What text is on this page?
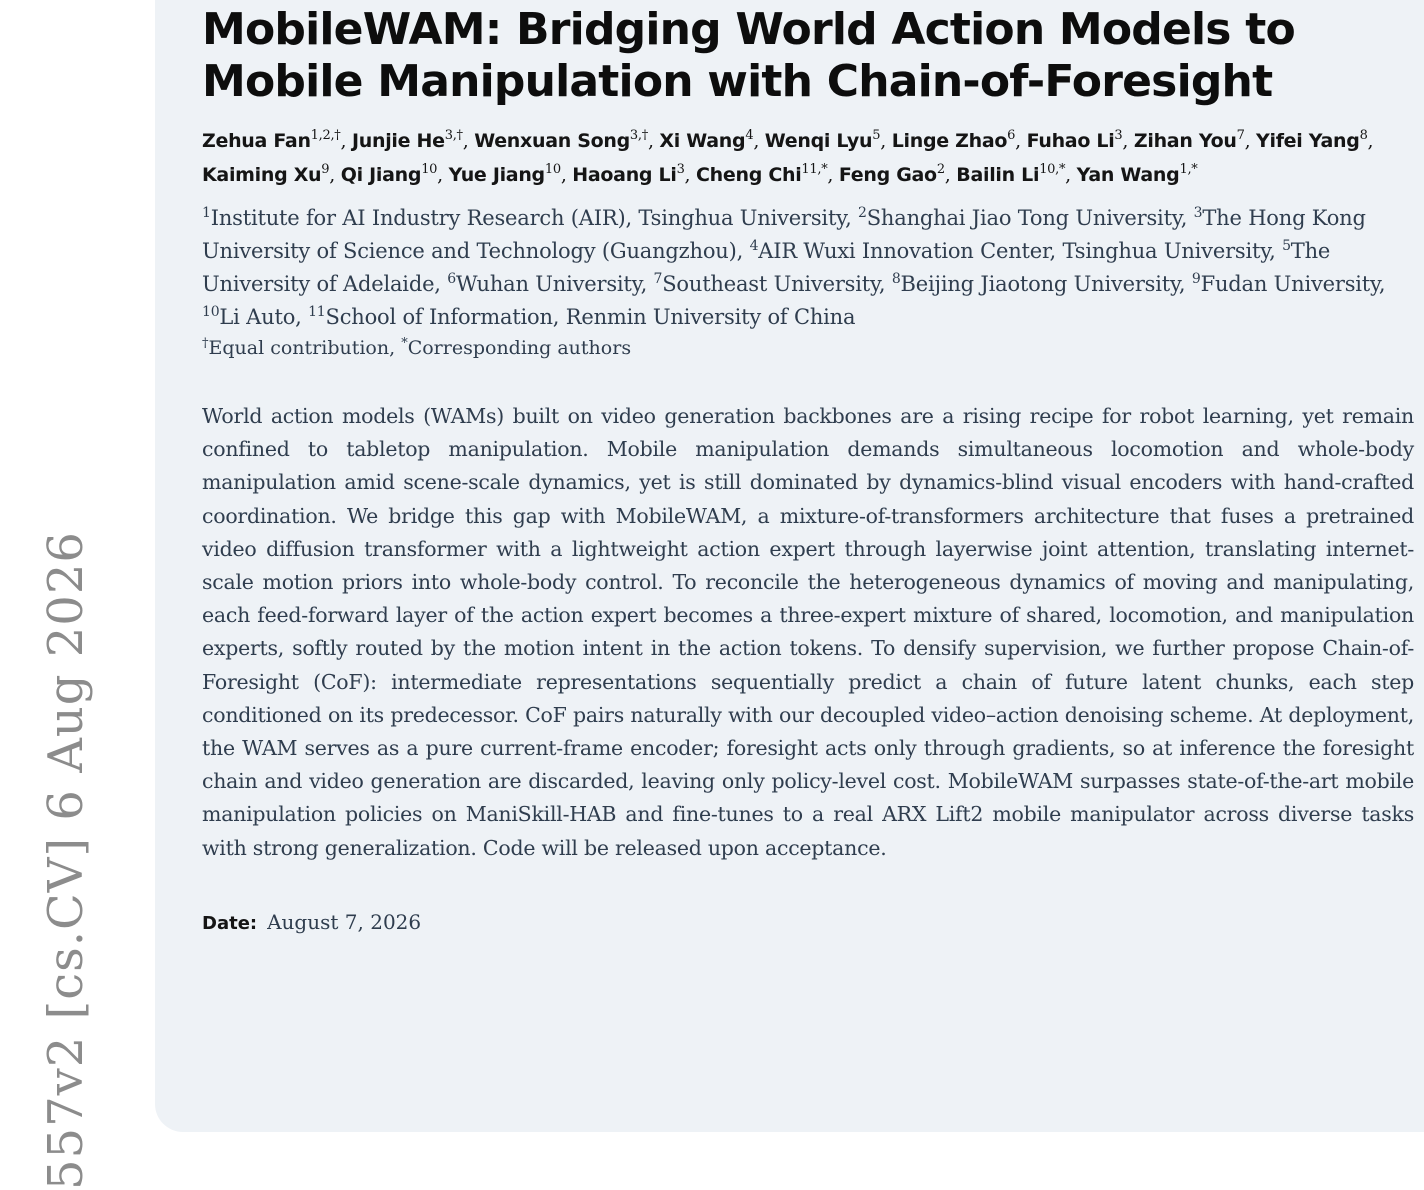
557v2 [cs.CV] 6 Aug 2026
MobileWAM: Bridging World Action Models to
Mobile Manipulation with Chain-of-Foresight
Zehua Fan$^{1,2,\dagger}$, Junjie $He^{3,\dagger}$, Wenxuan Song$^{3,\dagger}$, Xi Wang$^4$, Wenqi Lyu$^5$, Linge Zhao$^6$, Fuhao Li$^3$, Zihan You$^7$, Yifei Yang$^8$, Kaiming Xu$^9$, Qi Jiang$^{10}$, Yue Jiang$^{10}$, Haoang Li$^3$, Cheng Chi$^{11,*}$, Feng Gao$^2$, Bailin $Li^{10,*}$, Yan Wang$^{1,*}$
$^1$Institute for AI Industry Research (AIR), Tsinghua University, $^2$Shanghai Jiao Tong University, $^3$The Hong Kong University of Science and Technology (Guangzhou), $^4$AIR Wuxi Innovation Center, Tsinghua University, $^5$The University of Adelaide, $^6$Wuhan University, $^7$Southeast University, $^8$Beijing Jiaotong University, $^9$Fudan University, $^{10}$Li Auto, $^{11}$School of Information, Renmin University of China
†Equal contribution, *Corresponding authors
World action models (WAMs) built on video generation backbones are a rising recipe for robot learning, yet remain confined to tabletop manipulation. Mobile manipulation demands simultaneous locomotion and whole-body manipulation amid scene-scale dynamics, yet is still dominated by dynamics-blind visual encoders with hand-crafted coordination. We bridge this gap with MobileWAM, a mixture-of-transformers architecture that fuses a pretrained video diffusion transformer with a lightweight action expert through layerwise joint attention, translating internet-scale motion priors into whole-body control. To reconcile the heterogeneous dynamics of moving and manipulating, each feed-forward layer of the action expert becomes a three-expert mixture of shared, locomotion, and manipulation experts, softly routed by the motion intent in the action tokens. To densify supervision, we further propose Chain-of-Foresight (CoF): intermediate representations sequentially predict a chain of future latent chunks, each step conditioned on its predecessor. CoF pairs naturally with our decoupled video–action denoising scheme. At deployment, the WAM serves as a pure current-frame encoder; foresight acts only through gradients, so at inference the foresight chain and video generation are discarded, leaving only policy-level cost. MobileWAM surpasses state-of-the-art mobile manipulation policies on ManiSkill-HAB and fine-tunes to a real ARX Lift2 mobile manipulator across diverse tasks with strong generalization. Code will be released upon acceptance.
Date: August 7, 2026
